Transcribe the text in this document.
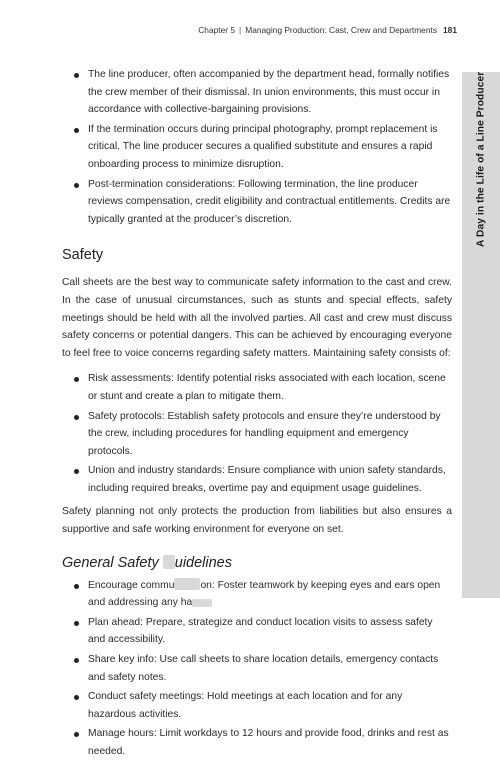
Chapter 5 | Managing Production: Cast, Crew and Departments 181
A Day in the Life of a Line Producer
The line producer, often accompanied by the department head, formally notifies the crew member of their dismissal. In union environments, this must occur in accordance with collective-bargaining provisions.
If the termination occurs during principal photography, prompt replacement is critical. The line producer secures a qualified substitute and ensures a rapid onboarding process to minimize disruption.
Post-termination considerations: Following termination, the line producer reviews compensation, credit eligibility and contractual entitlements. Credits are typically granted at the producer’s discretion.
Safety

Call sheets are the best way to communicate safety information to the cast and crew. In the case of unusual circumstances, such as stunts and special effects, safety meetings should be held with all the involved parties. All cast and crew must discuss safety concerns or potential dangers. This can be achieved by encouraging everyone to feel free to voice concerns regarding safety matters. Maintaining safety consists of:

Risk assessments: Identify potential risks associated with each location, scene or stunt and create a plan to mitigate them.
Safety protocols: Establish safety protocols and ensure they’re understood by the crew, including procedures for handling equipment and emergency protocols.
Union and industry standards: Ensure compliance with union safety standards, including required breaks, overtime pay and equipment usage guidelines.

Safety planning not only protects the production from liabilities but also ensures a supportive and safe working environment for everyone on set.

General Safety uidelines
Encourage commu	on: Foster teamwork by keeping eyes and ears open and addressing any ha
Plan ahead: Prepare, strategize and conduct location visits to assess safety and accessibility.
Share key info: Use call sheets to share location details, emergency contacts and safety notes.
Conduct safety meetings: Hold meetings at each location and for any hazardous activities.
Manage hours: Limit workdays to 12 hours and provide food, drinks and rest as needed.
